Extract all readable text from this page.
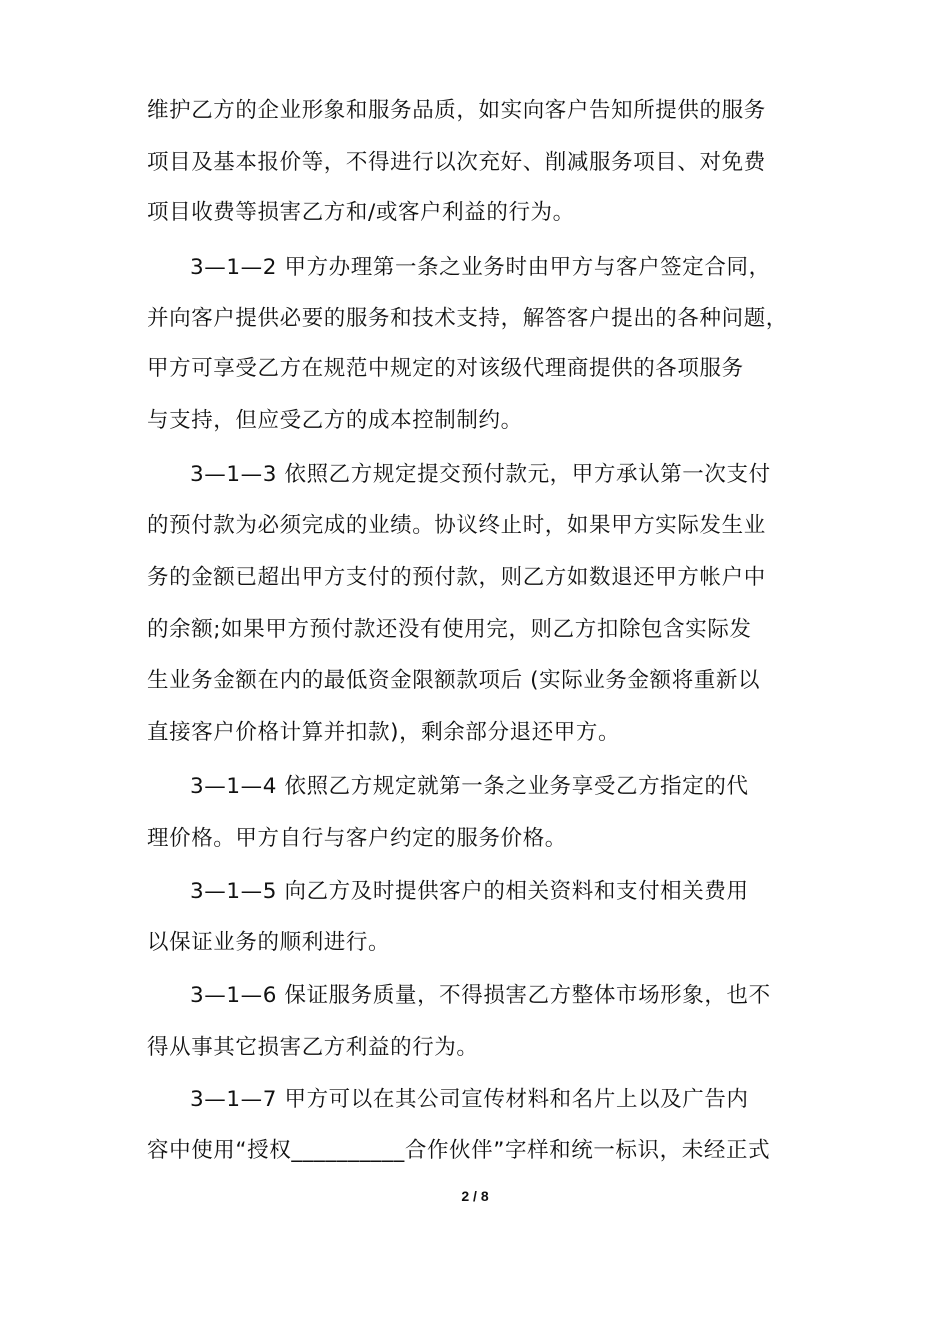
维护乙方的企业形象和服务品质，如实向客户告知所提供的服务
项目及基本报价等，不得进行以次充好、削减服务项目、对免费
项目收费等损害乙方和/或客户利益的行为。
3—1—2 甲方办理第一条之业务时由甲方与客户签定合同，
并向客户提供必要的服务和技术支持，解答客户提出的各种问题，
甲方可享受乙方在规范中规定的对该级代理商提供的各项服务
与支持，但应受乙方的成本控制制约。
3—1—3 依照乙方规定提交预付款元，甲方承认第一次支付
的预付款为必须完成的业绩。协议终止时，如果甲方实际发生业
务的金额已超出甲方支付的预付款，则乙方如数退还甲方帐户中
的余额;如果甲方预付款还没有使用完，则乙方扣除包含实际发
生业务金额在内的最低资金限额款项后 (实际业务金额将重新以
直接客户价格计算并扣款)，剩余部分退还甲方。
3—1—4 依照乙方规定就第一条之业务享受乙方指定的代
理价格。甲方自行与客户约定的服务价格。
3—1—5 向乙方及时提供客户的相关资料和支付相关费用
以保证业务的顺利进行。
3—1—6 保证服务质量，不得损害乙方整体市场形象，也不
得从事其它损害乙方利益的行为。
3—1—7 甲方可以在其公司宣传材料和名片上以及广告内
容中使用“授权__________合作伙伴”字样和统一标识，未经正式
2 / 8
